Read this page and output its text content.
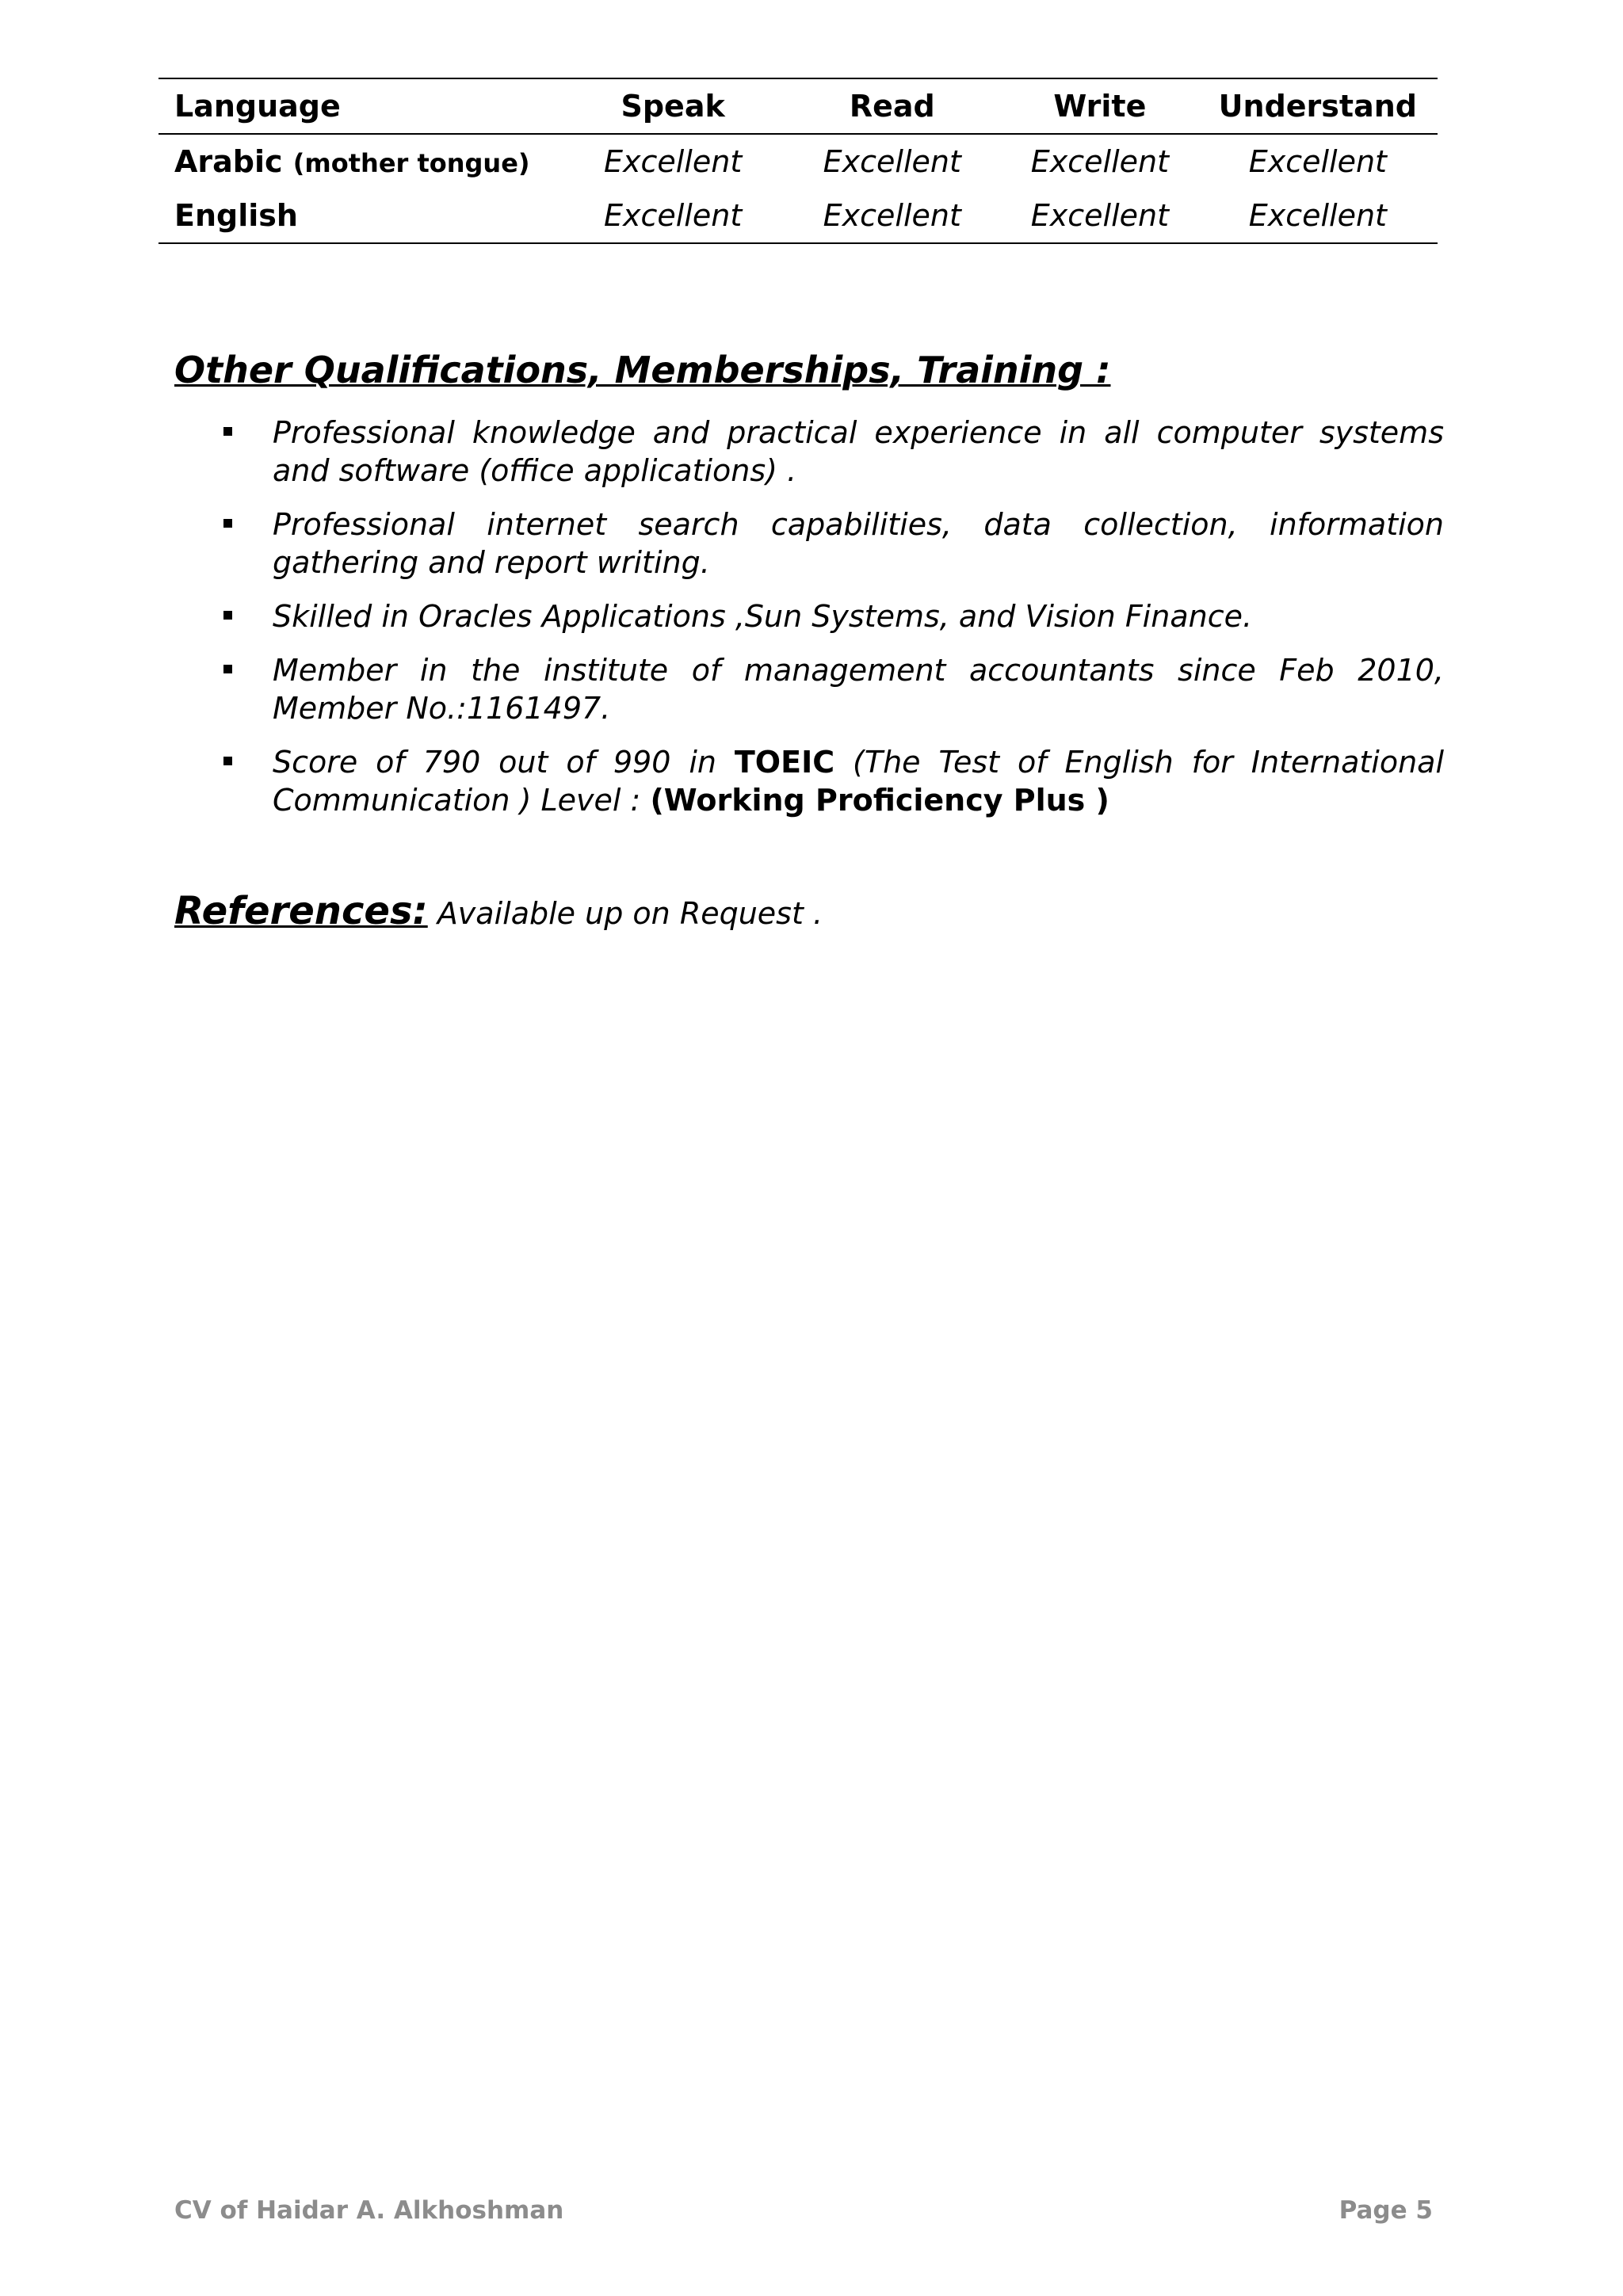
Language	Speak	Read	Write	Understand
Arabic (mother tongue)	Excellent	Excellent	Excellent	Excellent
English	Excellent	Excellent	Excellent	Excellent
Other Qualifications, Memberships, Training :
Professional knowledge and practical experience in all computer systems and software (office applications) .
Professional internet search capabilities, data collection, information gathering and report writing.
Skilled in Oracles Applications ,Sun Systems, and Vision Finance.
Member in the institute of management accountants since Feb 2010, Member No.:1161497.
Score of 790 out of 990 in TOEIC (The Test of English for International Communication ) Level : (Working Proficiency Plus )

References: Available up on Request .

CV of Haidar A. Alkhoshman	Page 5
